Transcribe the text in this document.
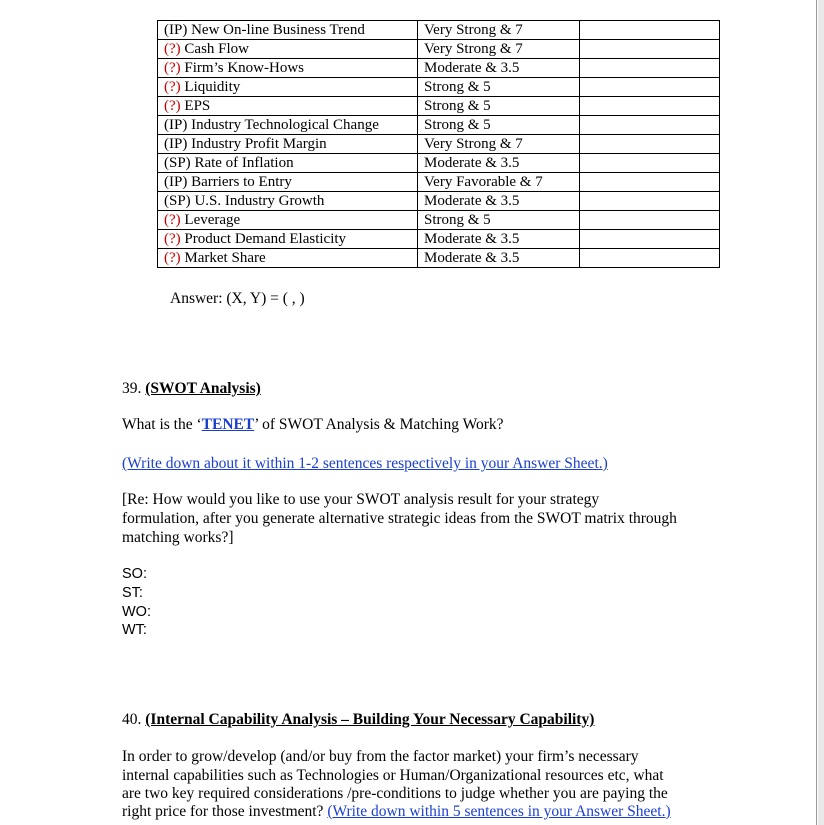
(IP) New On-line Business Trend	Very Strong & 7	
(?) Cash Flow	Very Strong & 7	
(?) Firm’s Know-Hows	Moderate & 3.5	
(?) Liquidity	Strong & 5	
(?) EPS	Strong & 5	
(IP) Industry Technological Change	Strong & 5	
(IP) Industry Profit Margin	Very Strong & 7	
(SP) Rate of Inflation	Moderate & 3.5	
(IP) Barriers to Entry	Very Favorable & 7	
(SP) U.S. Industry Growth	Moderate & 3.5	
(?) Leverage	Strong & 5	
(?) Product Demand Elasticity	Moderate & 3.5	
(?) Market Share	Moderate & 3.5	
Answer: (X, Y) = ( , )
39. (SWOT Analysis)
What is the ‘TENET’ of SWOT Analysis & Matching Work?
(Write down about it within 1-2 sentences respectively in your Answer Sheet.)
[Re: How would you like to use your SWOT analysis result for your strategy
formulation, after you generate alternative strategic ideas from the SWOT matrix through
matching works?]
SO:
ST:
WO:
WT:
40. (Internal Capability Analysis – Building Your Necessary Capability)
In order to grow/develop (and/or buy from the factor market) your firm’s necessary
internal capabilities such as Technologies or Human/Organizational resources etc, what
are two key required considerations /pre-conditions to judge whether you are paying the
right price for those investment? (Write down within 5 sentences in your Answer Sheet.)
